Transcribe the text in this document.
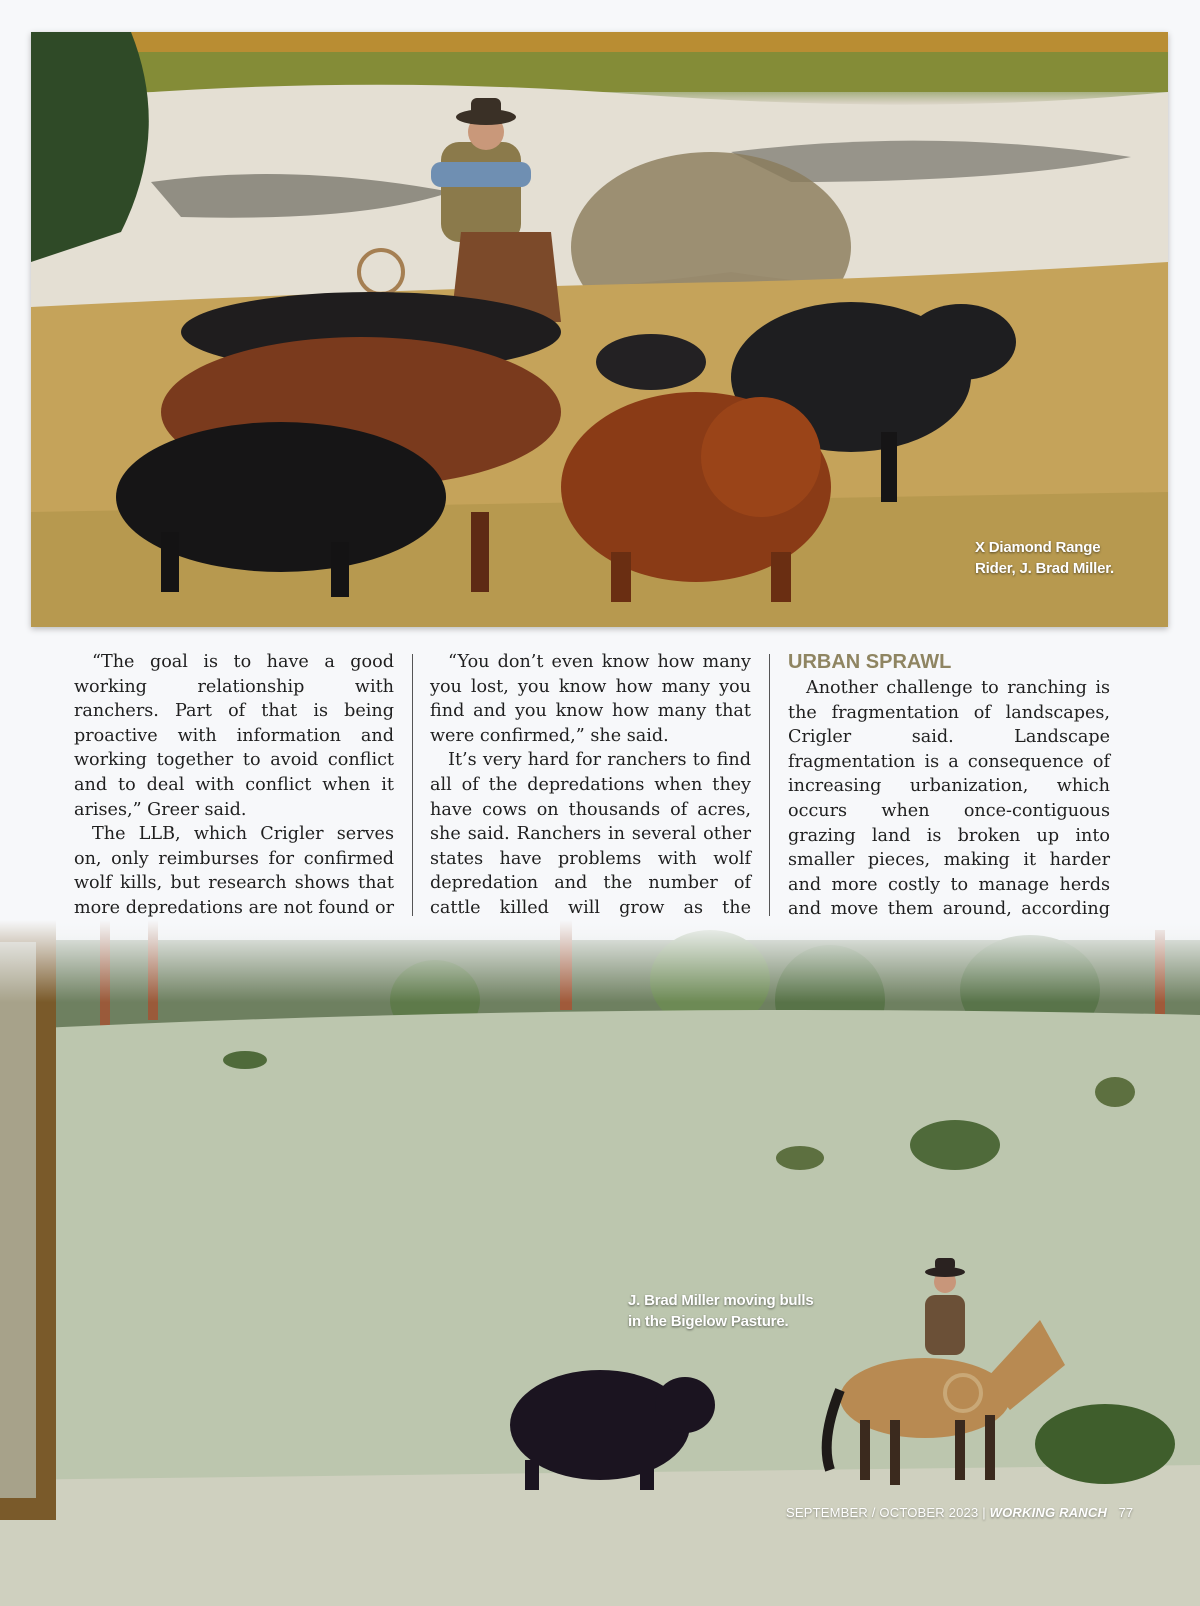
X Diamond Range
Rider, J. Brad Miller.

“The goal is to have a good working relationship with ranchers. Part of that is being proactive with information and working together to avoid conflict and to deal with conflict when it arises,” Greer said.

The LLB, which Crigler serves on, only reimburses for confirmed wolf kills, but research shows that more depredations are not found or

“You don’t even know how many you lost, you know how many you find and you know how many that were confirmed,” she said.

It’s very hard for ranchers to find all of the depredations when they have cows on thousands of acres, she said. Ranchers in several other states have problems with wolf depredation and the number of cattle killed will grow as the

URBAN SPRAWL

Another challenge to ranching is the fragmentation of landscapes, Crigler said. Landscape fragmentation is a consequence of increasing urbanization, which occurs when once-contiguous grazing land is broken up into smaller pieces, making it harder and more costly to manage herds and move them around, according

J. Brad Miller moving bulls
in the Bigelow Pasture.
SEPTEMBER / OCTOBER 2023 | WORKING RANCH 77
